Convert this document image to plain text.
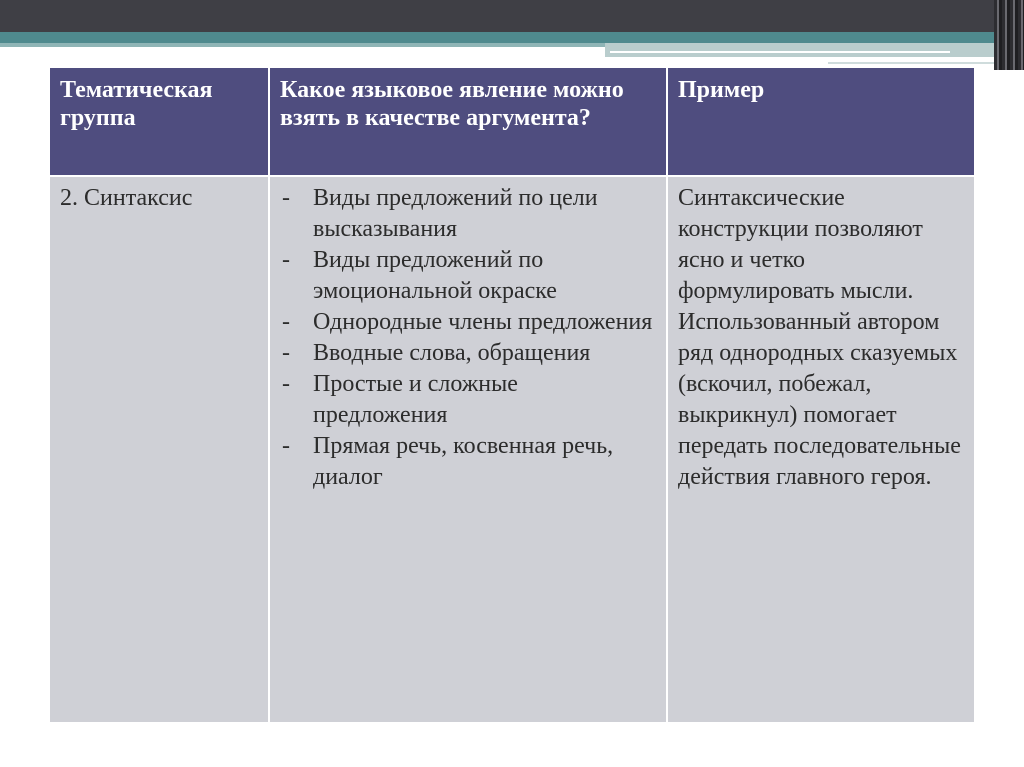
Тематическая группа
Какое языковое явление можно взять в качестве аргумента?
Пример
2. Синтаксис	- Виды предложений по цели высказывания
- Виды предложений по эмоциональной окраске
- Однородные члены предложения
- Вводные слова, обращения
- Простые и сложные предложения
- Прямая речь, косвенная речь, диалог
Синтаксические конструкции позволяют ясно и четко формулировать мысли. Использованный автором ряд однородных сказуемых (вскочил, побежал, выкрикнул) помогает передать последовательные действия главного героя.
